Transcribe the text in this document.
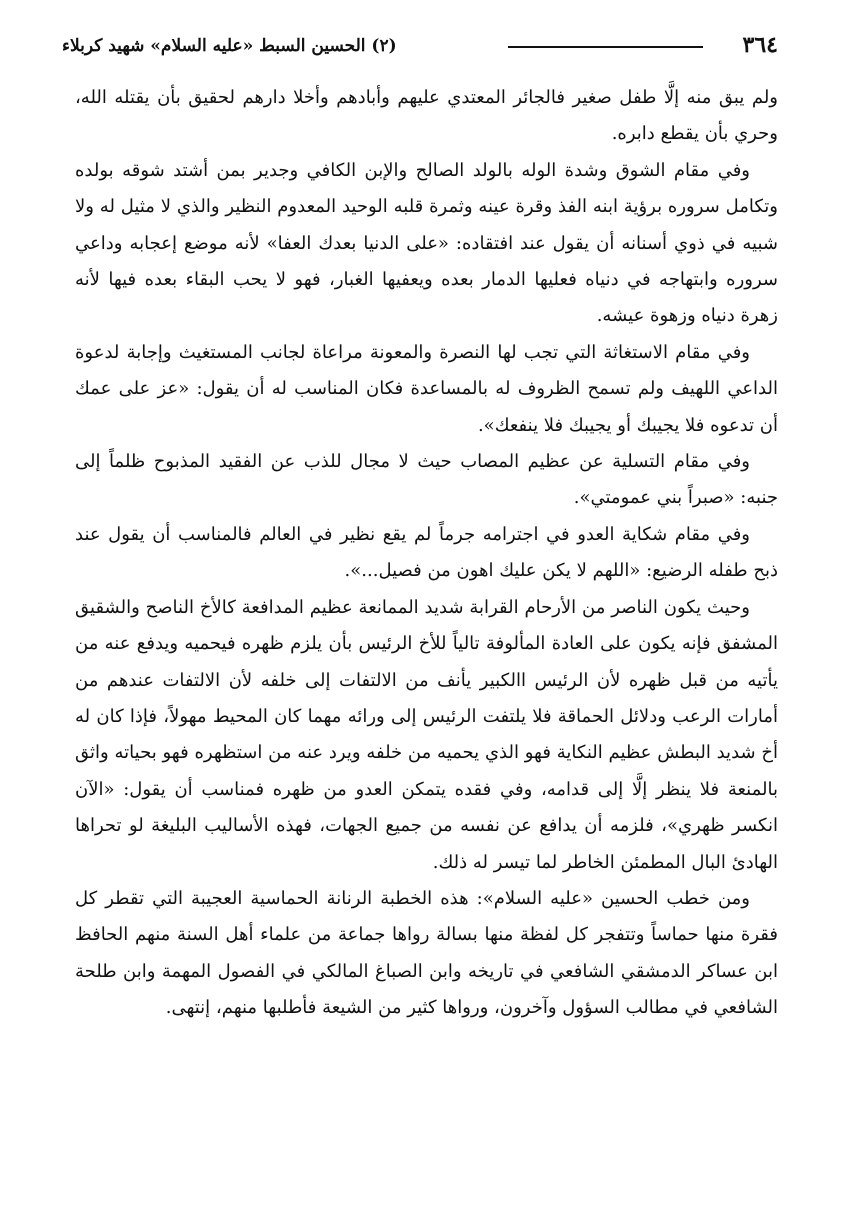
٣٦٤
(٢) الحسين السبط «عليه السلام» شهيد كربلاء

ولم يبق منه إلَّا طفل صغير فالجائر المعتدي عليهم وأبادهم وأخلا دارهم لحقيق بأن يقتله الله، وحري بأن يقطع دابره.

وفي مقام الشوق وشدة الوله بالولد الصالح والإبن الكافي وجدير بمن أشتد شوقه بولده وتكامل سروره برؤية ابنه الفذ وقرة عينه وثمرة قلبه الوحيد المعدوم النظير والذي لا مثيل له ولا شبيه في ذوي أسنانه أن يقول عند افتقاده: «على الدنيا بعدك العفا» لأنه موضع إعجابه وداعي سروره وابتهاجه في دنياه فعليها الدمار بعده ويعفيها الغبار، فهو لا يحب البقاء بعده فيها لأنه زهرة دنياه وزهوة عيشه.

وفي مقام الاستغاثة التي تجب لها النصرة والمعونة مراعاة لجانب المستغيث وإجابة لدعوة الداعي اللهيف ولم تسمح الظروف له بالمساعدة فكان المناسب له أن يقول: «عز على عمك أن تدعوه فلا يجيبك أو يجيبك فلا ينفعك».

وفي مقام التسلية عن عظيم المصاب حيث لا مجال للذب عن الفقيد المذبوح ظلماً إلى جنبه: «صبراً بني عمومتي».

وفي مقام شكاية العدو في اجترامه جرماً لم يقع نظير في العالم فالمناسب أن يقول عند ذبح طفله الرضيع: «اللهم لا يكن عليك اهون من فصيل...».

وحيث يكون الناصر من الأرحام القرابة شديد الممانعة عظيم المدافعة كالأخ الناصح والشقيق المشفق فإنه يكون على العادة المألوفة تالياً للأخ الرئيس بأن يلزم ظهره فيحميه ويدفع عنه من يأتيه من قبل ظهره لأن الرئيس االكبير يأنف من الالتفات إلى خلفه لأن الالتفات عندهم من أمارات الرعب ودلائل الحماقة فلا يلتفت الرئيس إلى ورائه مهما كان المحيط مهولاً، فإذا كان له أخ شديد البطش عظيم النكاية فهو الذي يحميه من خلفه ويرد عنه من استظهره فهو بحياته واثق بالمنعة فلا ينظر إلَّا إلى قدامه، وفي فقده يتمكن العدو من ظهره فمناسب أن يقول: «الآن انكسر ظهري»، فلزمه أن يدافع عن نفسه من جميع الجهات، فهذه الأساليب البليغة لو تحراها الهادئ البال المطمئن الخاطر لما تيسر له ذلك.

ومن خطب الحسين «عليه السلام»: هذه الخطبة الرنانة الحماسية العجيبة التي تقطر كل فقرة منها حماساً وتتفجر كل لفظة منها بسالة رواها جماعة من علماء أهل السنة منهم الحافظ ابن عساكر الدمشقي الشافعي في تاريخه وابن الصباغ المالكي في الفصول المهمة وابن طلحة الشافعي في مطالب السؤول وآخرون، ورواها كثير من الشيعة فأطلبها منهم، إنتهى.
